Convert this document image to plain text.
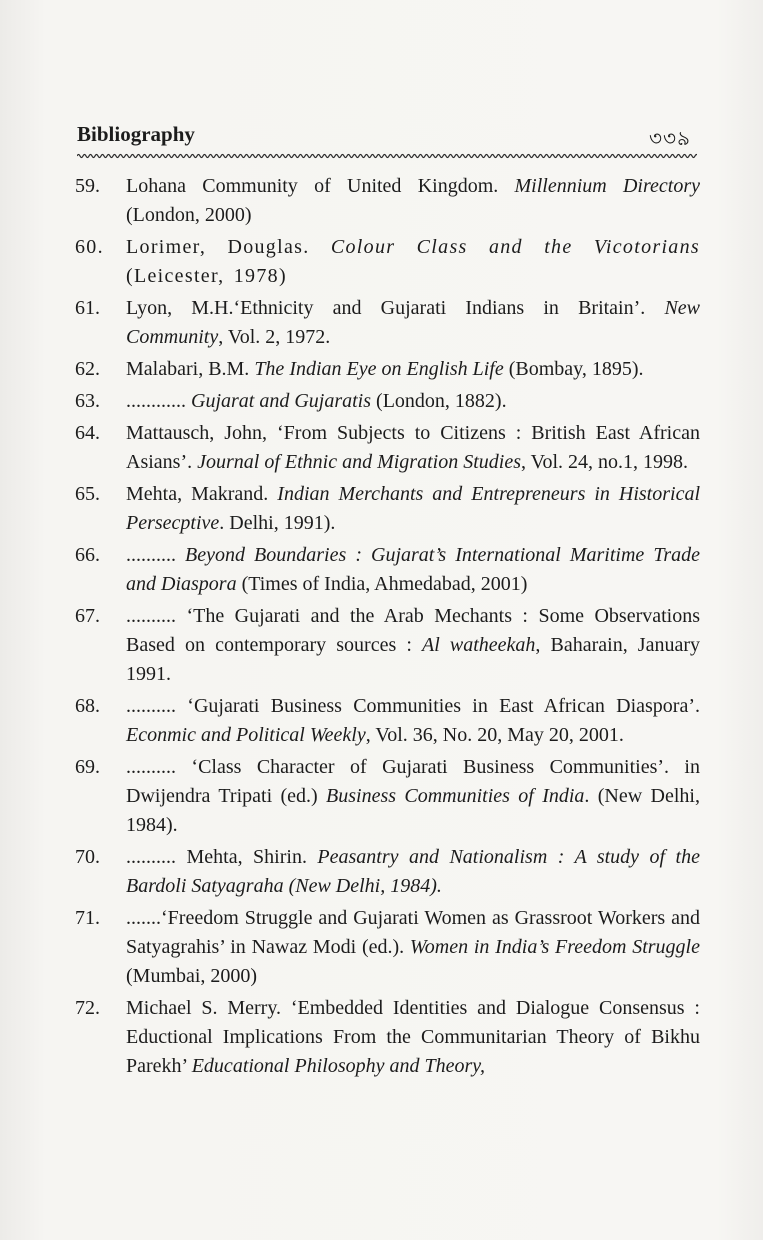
Bibliography	৩৩৯
59. Lohana Community of United Kingdom. Millennium Directory (London, 2000)
60. Lorimer, Douglas. Colour Class and the Vicotorians (Leicester, 1978)
61. Lyon, M.H.‘Ethnicity and Gujarati Indians in Britain’. New Community, Vol. 2, 1972.
62. Malabari, B.M. The Indian Eye on English Life (Bombay, 1895).
63. ............ Gujarat and Gujaratis (London, 1882).
64. Mattausch, John, ‘From Subjects to Citizens : British East African Asians’. Journal of Ethnic and Migration Studies, Vol. 24, no.1, 1998.
65. Mehta, Makrand. Indian Merchants and Entrepreneurs in Historical Persecptive. Delhi, 1991).
66. .......... Beyond Boundaries : Gujarat’s International Maritime Trade and Diaspora (Times of India, Ahmedabad, 2001)
67. .......... ‘The Gujarati and the Arab Mechants : Some Observations Based on contemporary sources : Al watheekah, Baharain, January 1991.
68. .......... ‘Gujarati Business Communities in East African Diaspora’. Econmic and Political Weekly, Vol. 36, No. 20, May 20, 2001.
69. .......... ‘Class Character of Gujarati Business Communities’. in Dwijendra Tripati (ed.) Business Communities of India. (New Delhi, 1984).
70. .......... Mehta, Shirin. Peasantry and Nationalism : A study of the Bardoli Satyagraha (New Delhi, 1984).
71. .......‘Freedom Struggle and Gujarati Women as Grassroot Workers and Satyagrahis’ in Nawaz Modi (ed.). Women in India’s Freedom Struggle (Mumbai, 2000)
72. Michael S. Merry. ‘Embedded Identities and Dialogue Consensus : Eductional Implications From the Communitarian Theory of Bikhu Parekh’ Educational Philosophy and Theory,
